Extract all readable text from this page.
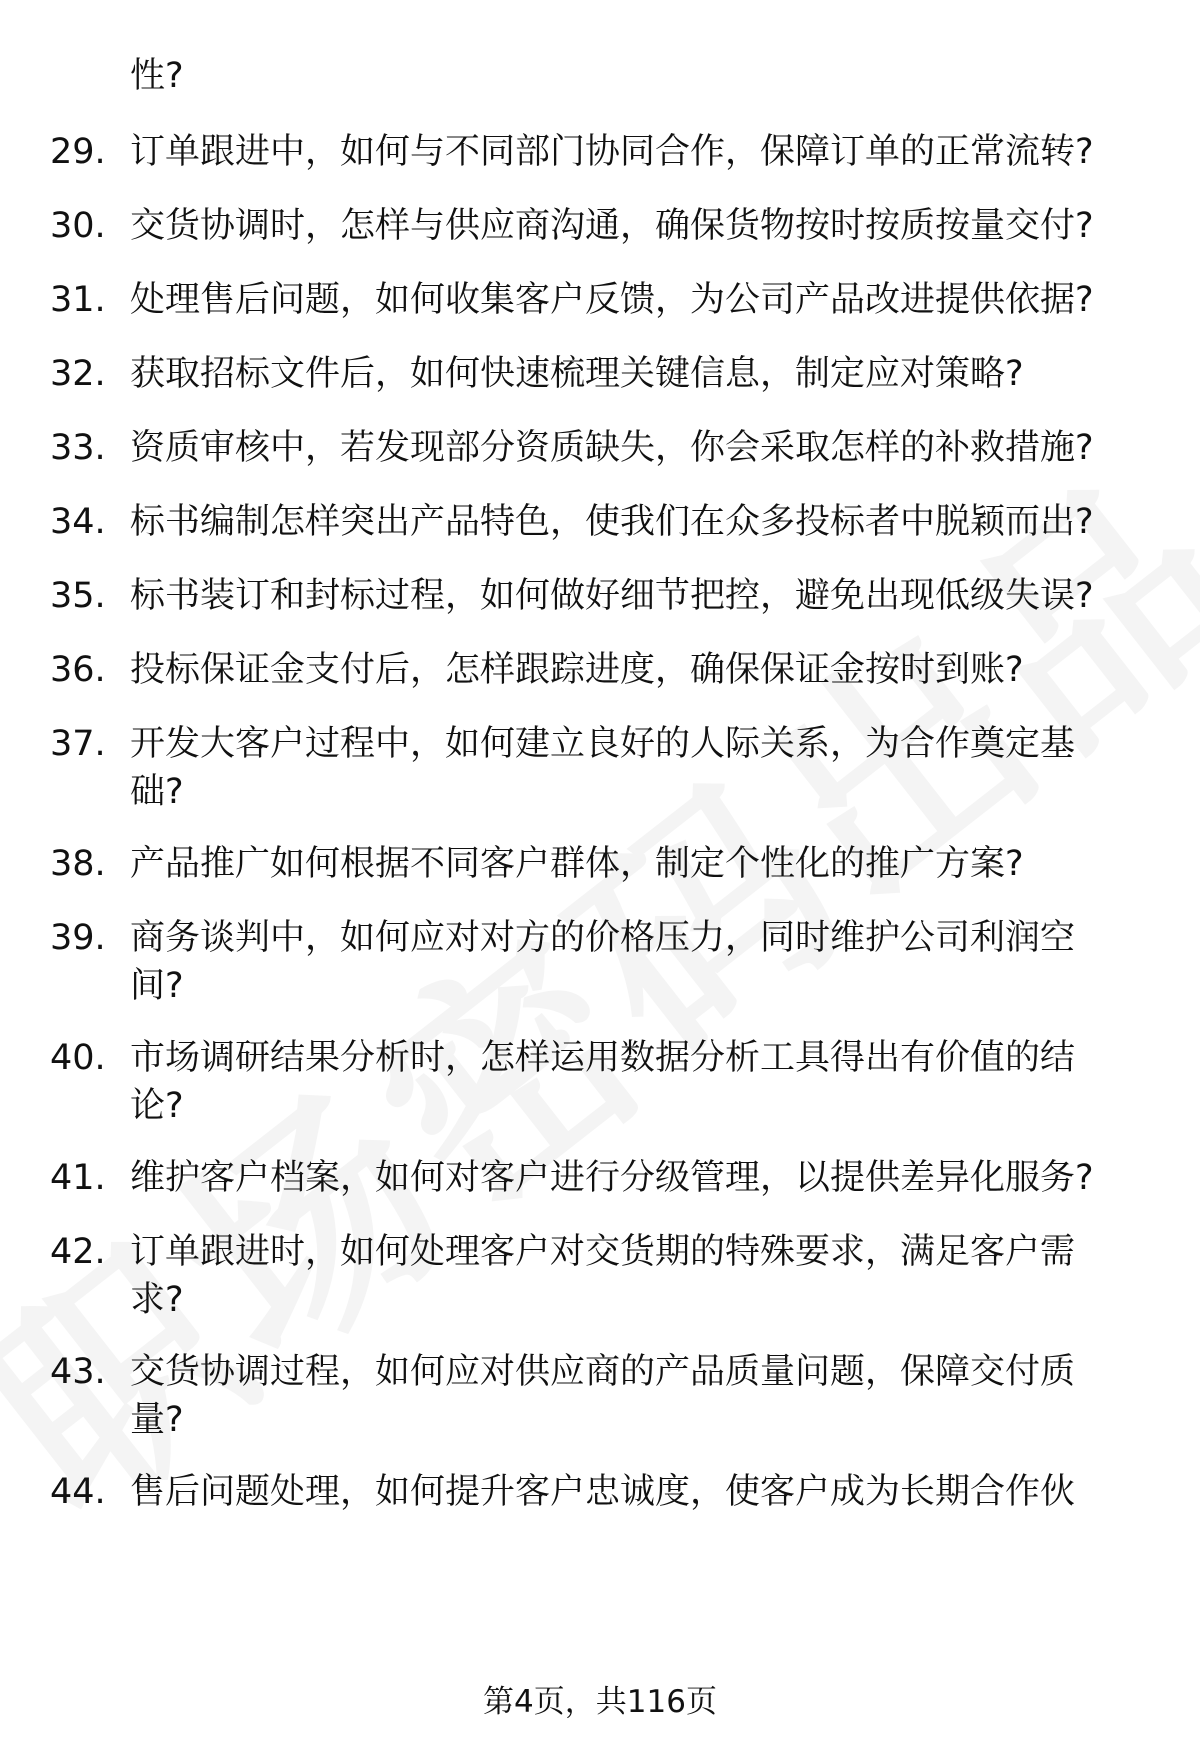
性?
29. 订单跟进中，如何与不同部门协同合作，保障订单的正常流转?
30. 交货协调时，怎样与供应商沟通，确保货物按时按质按量交付?
31. 处理售后问题，如何收集客户反馈，为公司产品改进提供依据?
32. 获取招标文件后，如何快速梳理关键信息，制定应对策略?
33. 资质审核中，若发现部分资质缺失，你会采取怎样的补救措施?
34. 标书编制怎样突出产品特色，使我们在众多投标者中脱颖而出?
35. 标书装订和封标过程，如何做好细节把控，避免出现低级失误?
36. 投标保证金支付后，怎样跟踪进度，确保保证金按时到账?
37. 开发大客户过程中，如何建立良好的人际关系，为合作奠定基
础?
38. 产品推广如何根据不同客户群体，制定个性化的推广方案?
39. 商务谈判中，如何应对对方的价格压力，同时维护公司利润空
间?
40. 市场调研结果分析时，怎样运用数据分析工具得出有价值的结
论?
41. 维护客户档案，如何对客户进行分级管理，以提供差异化服务?
42. 订单跟进时，如何处理客户对交货期的特殊要求，满足客户需
求?
43. 交货协调过程，如何应对供应商的产品质量问题，保障交付质
量?
44. 售后问题处理，如何提升客户忠诚度，使客户成为长期合作伙
第4页，共116页
